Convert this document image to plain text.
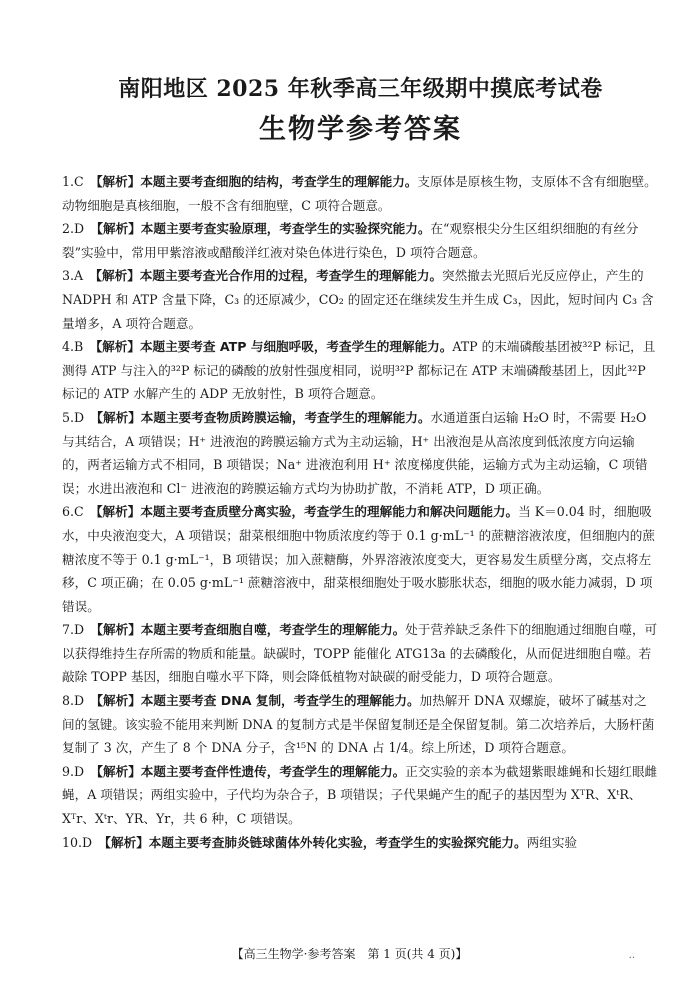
南阳地区 2025 年秋季高三年级期中摸底考试卷
生物学参考答案
1.C　 【解析】本题主要考查细胞的结构，考查学生的理解能力。支原体是原核生物，支原体不含有细胞壁。动物细胞是真核细胞，一般不含有细胞壁，C 项符合题意。
2.D　 【解析】本题主要考查实验原理，考查学生的实验探究能力。在“观察根尖分生区组织细胞的有丝分裂”实验中，常用甲紫溶液或醋酸洋红液对染色体进行染色，D 项符合题意。
3.A　 【解析】本题主要考查光合作用的过程，考查学生的理解能力。突然撤去光照后光反应停止，产生的 NADPH 和 ATP 含量下降，C₃ 的还原减少，CO₂ 的固定还在继续发生并生成 C₃，因此，短时间内 C₃ 含量增多，A 项符合题意。
4.B　 【解析】本题主要考查 ATP 与细胞呼吸，考查学生的理解能力。ATP 的末端磷酸基团被³²P 标记，且测得 ATP 与注入的³²P 标记的磷酸的放射性强度相同，说明³²P 都标记在 ATP 末端磷酸基团上，因此³²P 标记的 ATP 水解产生的 ADP 无放射性，B 项符合题意。
5.D　 【解析】本题主要考查物质跨膜运输，考查学生的理解能力。水通道蛋白运输 H₂O 时，不需要 H₂O 与其结合，A 项错误；H⁺ 进液泡的跨膜运输方式为主动运输，H⁺ 出液泡是从高浓度到低浓度方向运输的，两者运输方式不相同，B 项错误；Na⁺ 进液泡利用 H⁺ 浓度梯度供能，运输方式为主动运输，C 项错误；水进出液泡和 Cl⁻ 进液泡的跨膜运输方式均为协助扩散，不消耗 ATP，D 项正确。
6.C　 【解析】本题主要考查质壁分离实验，考查学生的理解能力和解决问题能力。当 K＝0.04 时，细胞吸水，中央液泡变大，A 项错误；甜菜根细胞中物质浓度约等于 0.1 g·mL⁻¹ 的蔗糖溶液浓度，但细胞内的蔗糖浓度不等于 0.1 g·mL⁻¹，B 项错误；加入蔗糖酶，外界溶液浓度变大，更容易发生质壁分离，交点将左移，C 项正确；在 0.05 g·mL⁻¹ 蔗糖溶液中，甜菜根细胞处于吸水膨胀状态，细胞的吸水能力减弱，D 项错误。
7.D　 【解析】本题主要考查细胞自噬，考查学生的理解能力。处于营养缺乏条件下的细胞通过细胞自噬，可以获得维持生存所需的物质和能量。缺碳时，TOPP 能催化 ATG13a 的去磷酸化，从而促进细胞自噬。若敲除 TOPP 基因，细胞自噬水平下降，则会降低植物对缺碳的耐受能力，D 项符合题意。
8.D　 【解析】本题主要考查 DNA 复制，考查学生的理解能力。加热解开 DNA 双螺旋，破坏了碱基对之间的氢键。该实验不能用来判断 DNA 的复制方式是半保留复制还是全保留复制。第二次培养后，大肠杆菌复制了 3 次，产生了 8 个 DNA 分子，含¹⁵N 的 DNA 占 1/4。综上所述，D 项符合题意。
9.D　 【解析】本题主要考查伴性遗传，考查学生的理解能力。正交实验的亲本为截翅紫眼雄蝇和长翅红眼雌蝇，A 项错误；两组实验中，子代均为杂合子，B 项错误；子代果蝇产生的配子的基因型为 XᵀR、XᵗR、Xᵀr、Xᵗr、YR、Yr，共 6 种，C 项错误。
10.D　 【解析】本题主要考查肺炎链球菌体外转化实验，考查学生的实验探究能力。两组实验
【高三生物学·参考答案　第 1 页(共 4 页)】	..
